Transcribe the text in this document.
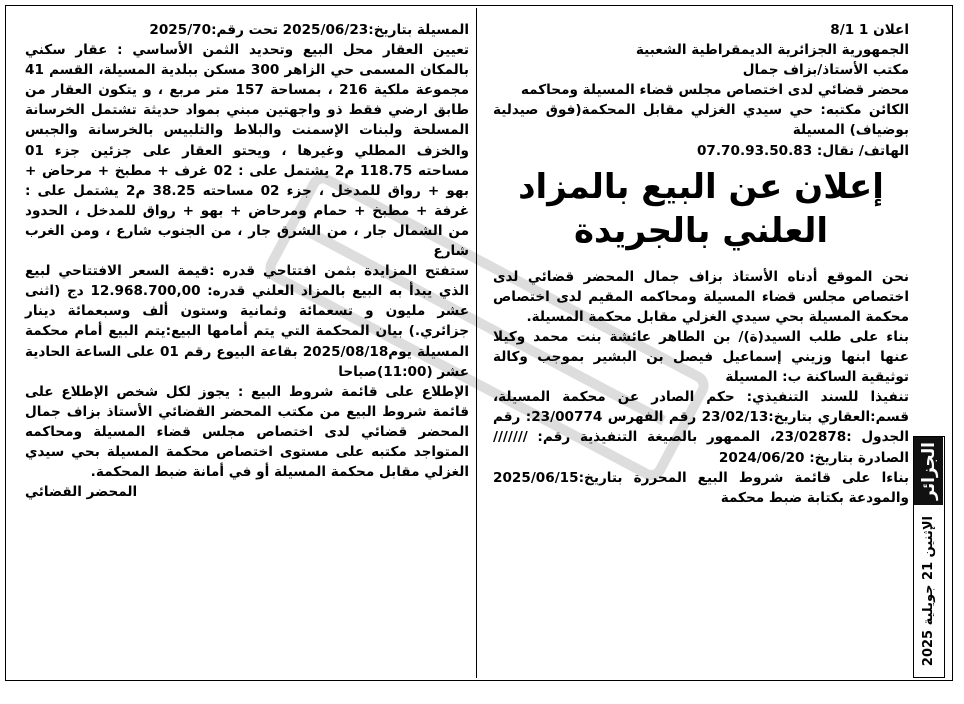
اعلان 1 8/1

الجمهورية الجزائرية الديمقراطية الشعبية

مكتب الأستاذ/بزاف جمال

محضر قضائي لدى اختصاص مجلس قضاء المسيلة ومحاكمه

الكائن مكتبه: حي سيدي الغزلي مقابل المحكمة(فوق صيدلية بوضياف) المسيلة

الهاتف/ نقال: 07.70.93.50.83

إعلان عن البيع بالمزاد
العلني بالجريدة

نحن الموقع أدناه الأستاذ بزاف جمال المحضر قضائي لدى اختصاص مجلس قضاء المسيلة ومحاكمه المقيم لدى اختصاص محكمة المسيلة بحي سيدي الغزلي مقابل محكمة المسيلة.

بناء على طلب السيد(ة)/ بن الطاهر عائشة بنت محمد وكيلا عنها ابنها وزيني إسماعيل فيصل بن البشير بموجب وكالة توثيقية الساكنة ب: المسيلة

تنفيذا للسند التنفيذي: حكم الصادر عن محكمة المسيلة، قسم:العقاري بتاريخ:23/02/13 رقم الفهرس 23/00774: رقم الجدول :23/02878، الممهور بالصيغة التنفيذية رقم: /////// الصادرة بتاريخ: 2024/06/20

بناءا على قائمة شروط البيع المحررة بتاريخ:2025/06/15 والمودعة بكتابة ضبط محكمة

المسيلة بتاريخ:2025/06/23 تحت رقم:2025/70

تعيين العقار محل البيع وتحديد الثمن الأساسي : عقار سكني بالمكان المسمى حي الزاهر 300 مسكن ببلدية المسيلة، القسم 41 مجموعة ملكية 216 ، بمساحة 157 متر مربع ، و يتكون العقار من طابق ارضي فقط ذو واجهتين مبني بمواد حديثة تشتمل الخرسانة المسلحة ولبنات الإسمنت والبلاط والتلبيس بالخرسانة والجبس والخزف المطلي وغيرها ، ويحتو العقار على جزئين جزء 01 مساحته 118.75 م2 يشتمل على : 02 غرف + مطبخ + مرحاض + بهو + رواق للمدخل ، جزء 02 مساحته 38.25 م2 يشتمل على : غرفة + مطبخ + حمام ومرحاض + بهو + رواق للمدخل ، الحدود من الشمال جار ، من الشرق جار ، من الجنوب شارع ، ومن الغرب شارع

ستفتح المزايدة بثمن افتتاحي قدره :قيمة السعر الافتتاحي لبيع الذي يبدأ به البيع بالمزاد العلني قدره: 12.968.700,00 دج (اثنى عشر مليون و تسعمائة وثمانية وستون ألف وسبعمائة دينار جزائري.) بيان المحكمة التي يتم أمامها البيع:يتم البيع أمام محكمة المسيلة يوم2025/08/18 بقاعة البيوع رقم 01 على الساعة الحادية عشر (11:00)صباحا

الإطلاع على قائمة شروط البيع : يجوز لكل شخص الإطلاع على قائمة شروط البيع من مكتب المحضر القضائي الأستاذ بزاف جمال المحضر قضائي لدى اختصاص مجلس قضاء المسيلة ومحاكمه المتواجد مكتبه على مستوى اختصاص محكمة المسيلة بحي سيدي الغزلي مقابل محكمة المسيلة أو في أمانة ضبط المحكمة.

المحضر القضائي	الجزائر
الإثنين 21 جويلية 2025
